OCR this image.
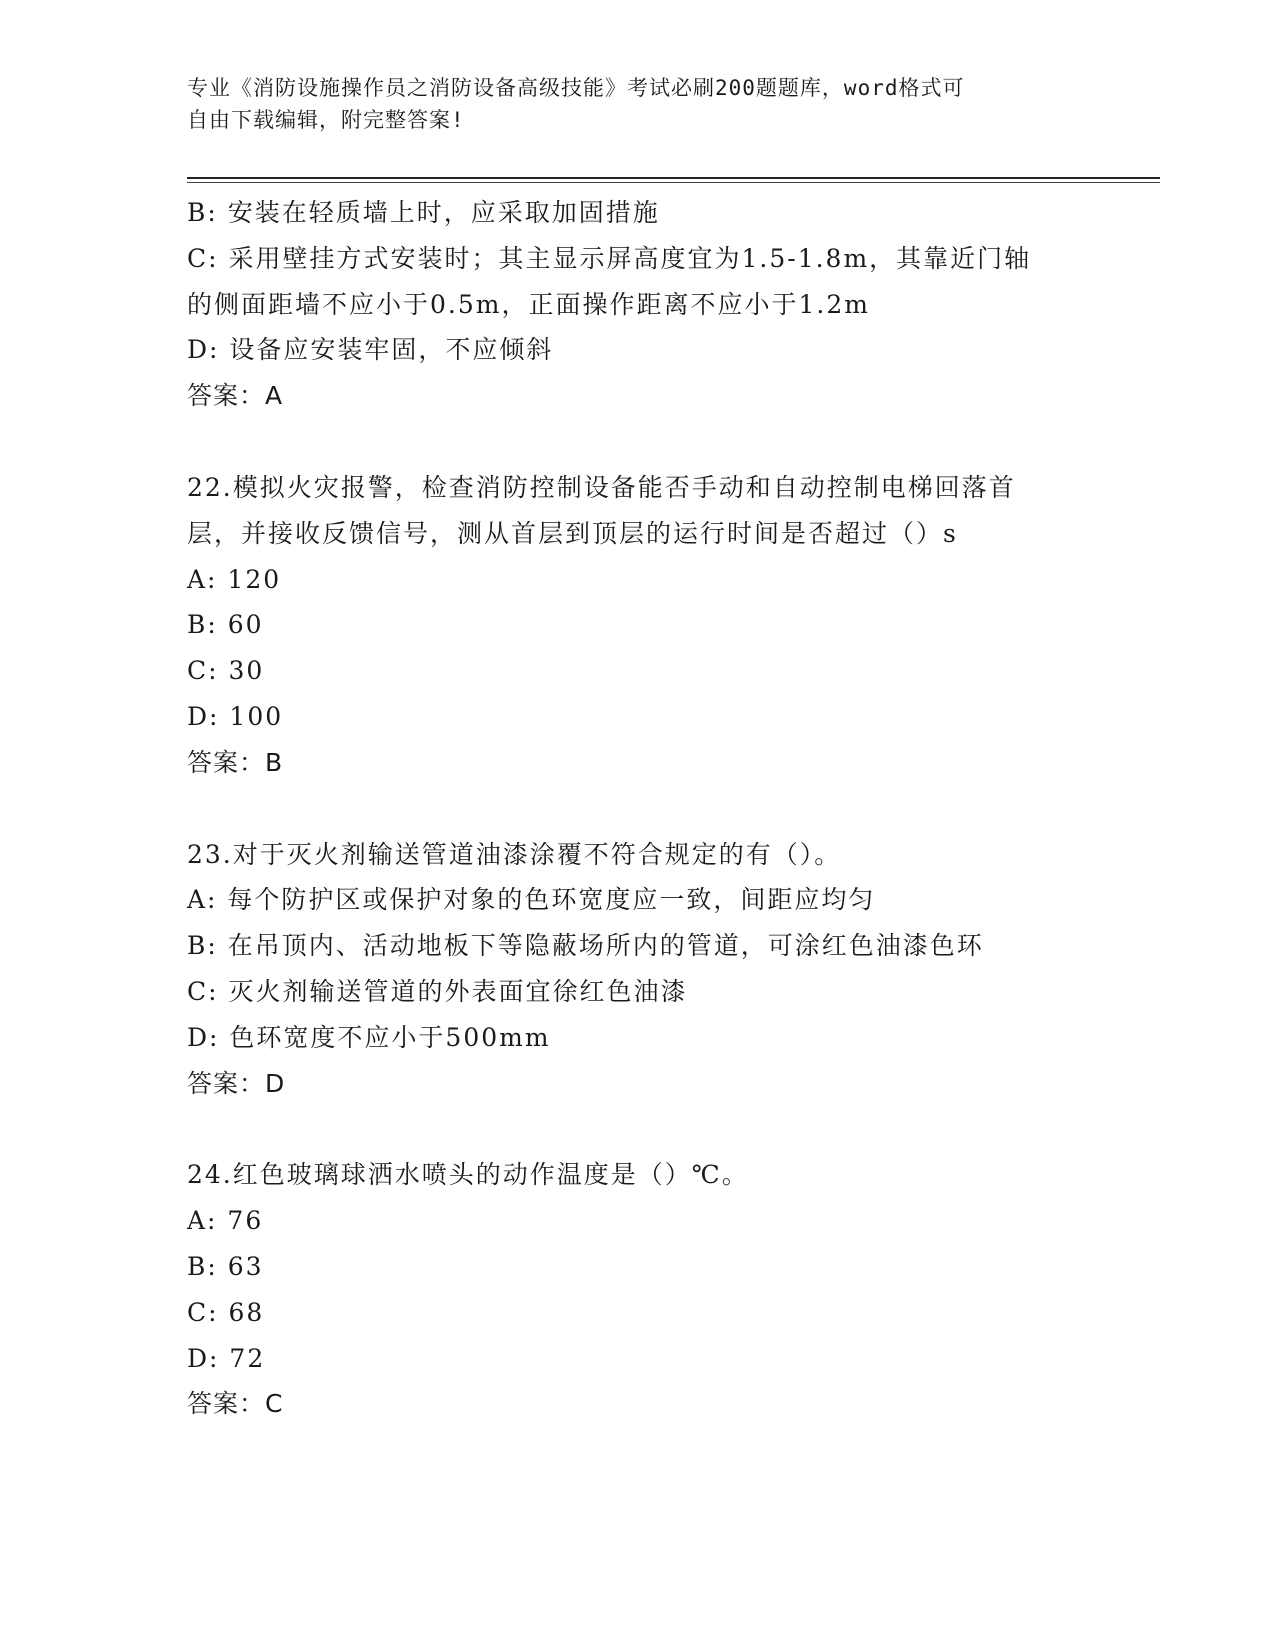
专业《消防设施操作员之消防设备高级技能》考试必刷200题题库，word格式可
自由下载编辑，附完整答案!
B: 安装在轻质墙上时，应采取加固措施
C: 采用壁挂方式安装时；其主显示屏高度宜为1.5-1.8m，其靠近门轴
的侧面距墙不应小于0.5m，正面操作距离不应小于1.2m
D: 设备应安装牢固，不应倾斜
答案：A
22.模拟火灾报警，检查消防控制设备能否手动和自动控制电梯回落首
层，并接收反馈信号，测从首层到顶层的运行时间是否超过（）s
A: 120
B: 60
C: 30
D: 100
答案：B
23.对于灭火剂输送管道油漆涂覆不符合规定的有（）。
A: 每个防护区或保护对象的色环宽度应一致，间距应均匀
B: 在吊顶内、活动地板下等隐蔽场所内的管道，可涂红色油漆色环
C: 灭火剂输送管道的外表面宜徐红色油漆
D: 色环宽度不应小于500mm
答案：D
24.红色玻璃球洒水喷头的动作温度是（）℃。
A: 76
B: 63
C: 68
D: 72
答案：C
